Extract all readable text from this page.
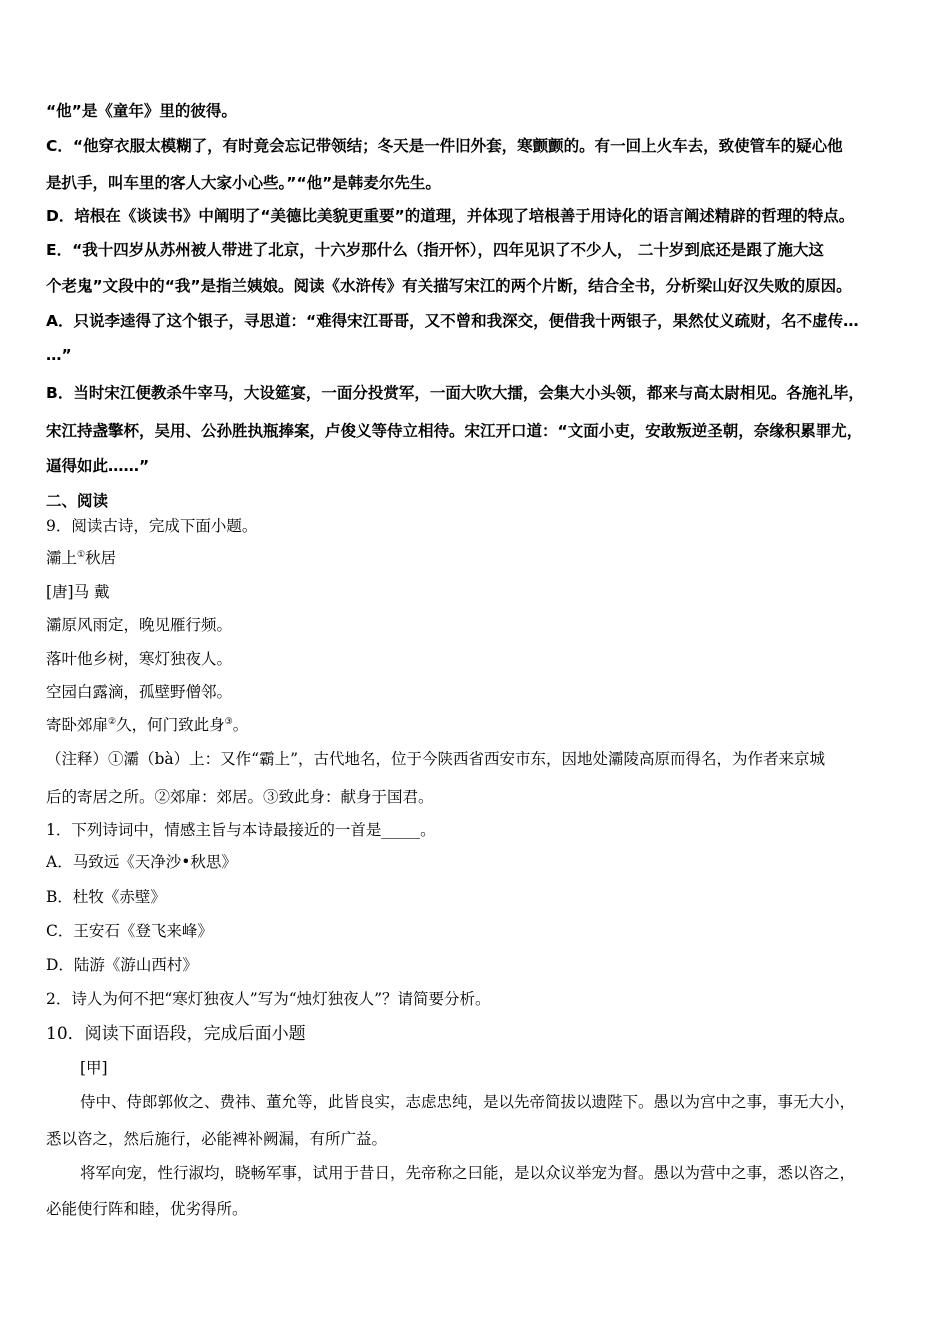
“他”是《童年》里的彼得。
C．“他穿衣服太模糊了，有时竟会忘记带领结；冬天是一件旧外套，寒颤颤的。有一回上火车去，致使管车的疑心他
是扒手，叫车里的客人大家小心些。”“他”是韩麦尔先生。
D．培根在《谈读书》中阐明了“美德比美貌更重要”的道理，并体现了培根善于用诗化的语言阐述精辟的哲理的特点。
E．“我十四岁从苏州被人带进了北京，十六岁那什么（指开怀），四年见识了不少人， 二十岁到底还是跟了施大这
个老鬼”文段中的“我”是指兰姨娘。阅读《水浒传》有关描写宋江的两个片断，结合全书，分析梁山好汉失败的原因。
A．只说李逵得了这个银子，寻思道：“难得宋江哥哥，又不曾和我深交，便借我十两银子，果然仗义疏财，名不虚传…
…”
B．当时宋江便教杀牛宰马，大设筵宴，一面分投赏军，一面大吹大擂，会集大小头领，都来与高太尉相见。各施礼毕，
宋江持盏擎杯，吴用、公孙胜执瓶捧案，卢俊义等侍立相待。宋江开口道：“文面小吏，安敢叛逆圣朝，奈缘积累罪尤，
逼得如此……”
二、阅读
9．阅读古诗，完成下面小题。
灞上①秋居
[唐]马 戴
灞原风雨定，晚见雁行频。
落叶他乡树，寒灯独夜人。
空园白露滴，孤壁野僧邻。
寄卧郊扉②久，何门致此身③。
（注释）①灞（bà）上：又作“霸上”，古代地名，位于今陕西省西安市东，因地处灞陵高原而得名，为作者来京城
后的寄居之所。②郊扉：郊居。③致此身：献身于国君。
1．下列诗词中，情感主旨与本诗最接近的一首是_____。
A．马致远《天净沙•秋思》
B．杜牧《赤壁》
C．王安石《登飞来峰》
D．陆游《游山西村》
2．诗人为何不把“寒灯独夜人”写为“烛灯独夜人”？请简要分析。
10．阅读下面语段，完成后面小题
[甲]
侍中、侍郎郭攸之、费祎、董允等，此皆良实，志虑忠纯，是以先帝简拔以遗陛下。愚以为宫中之事，事无大小，
悉以咨之，然后施行，必能裨补阙漏，有所广益。
将军向宠，性行淑均，晓畅军事，试用于昔日，先帝称之曰能，是以众议举宠为督。愚以为营中之事，悉以咨之，
必能使行阵和睦，优劣得所。
